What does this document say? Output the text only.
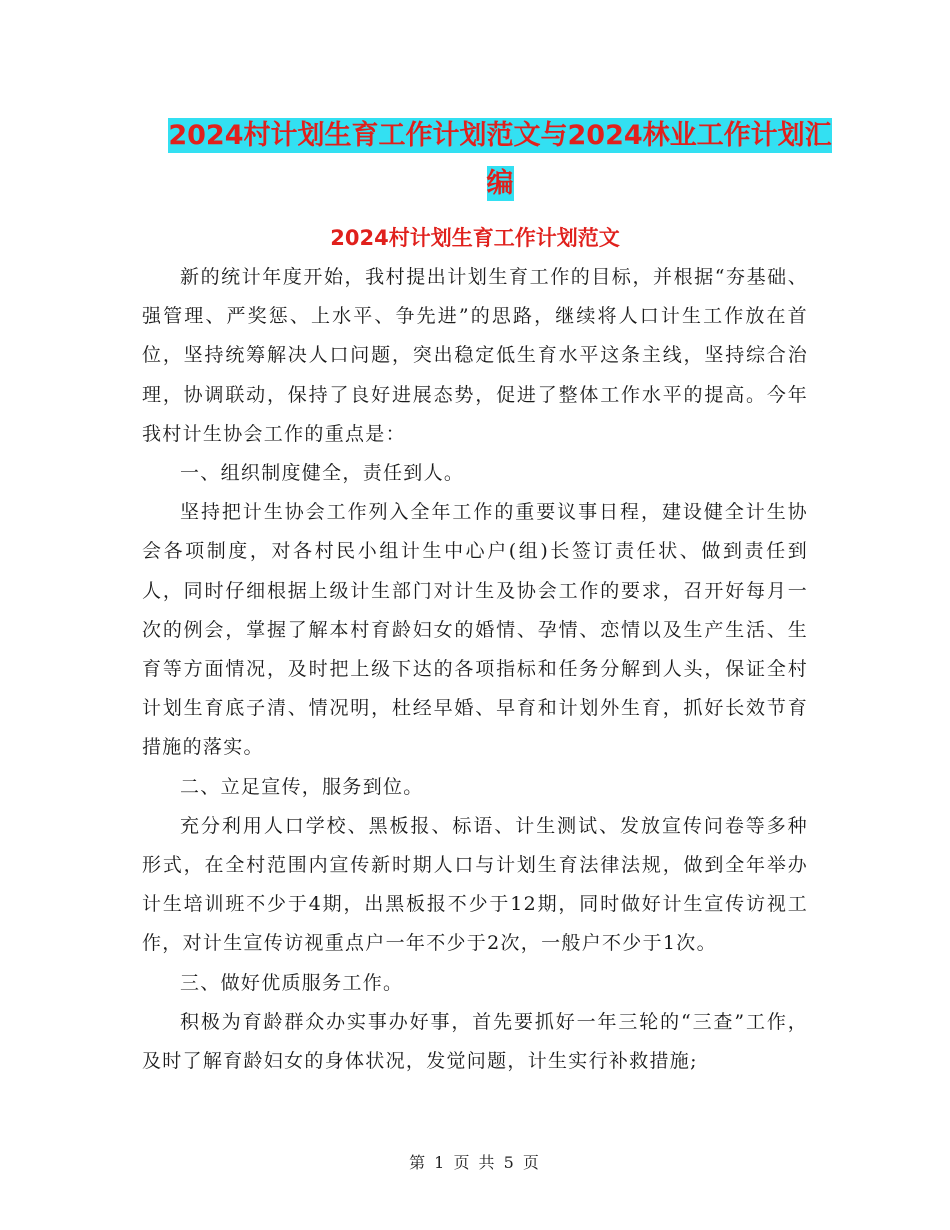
2024村计划生育工作计划范文与2024林业工作计划汇
编
2024村计划生育工作计划范文

新的统计年度开始，我村提出计划生育工作的目标，并根据“夯基础、强管理、严奖惩、上水平、争先进”的思路，继续将人口计生工作放在首位，坚持统筹解决人口问题，突出稳定低生育水平这条主线，坚持综合治理，协调联动，保持了良好进展态势，促进了整体工作水平的提高。今年我村计生协会工作的重点是：

一、组织制度健全，责任到人。

坚持把计生协会工作列入全年工作的重要议事日程，建设健全计生协会各项制度，对各村民小组计生中心户(组)长签订责任状、做到责任到人，同时仔细根据上级计生部门对计生及协会工作的要求，召开好每月一次的例会，掌握了解本村育龄妇女的婚情、孕情、恋情以及生产生活、生育等方面情况，及时把上级下达的各项指标和任务分解到人头，保证全村计划生育底子清、情况明，杜经早婚、早育和计划外生育，抓好长效节育措施的落实。

二、立足宣传，服务到位。

充分利用人口学校、黑板报、标语、计生测试、发放宣传问卷等多种形式，在全村范围内宣传新时期人口与计划生育法律法规，做到全年举办计生培训班不少于4期，出黑板报不少于12期，同时做好计生宣传访视工作，对计生宣传访视重点户一年不少于2次，一般户不少于1次。

三、做好优质服务工作。

积极为育龄群众办实事办好事，首先要抓好一年三轮的“三查”工作，及时了解育龄妇女的身体状况，发觉问题，计生实行补救措施;

第 1 页 共 5 页
